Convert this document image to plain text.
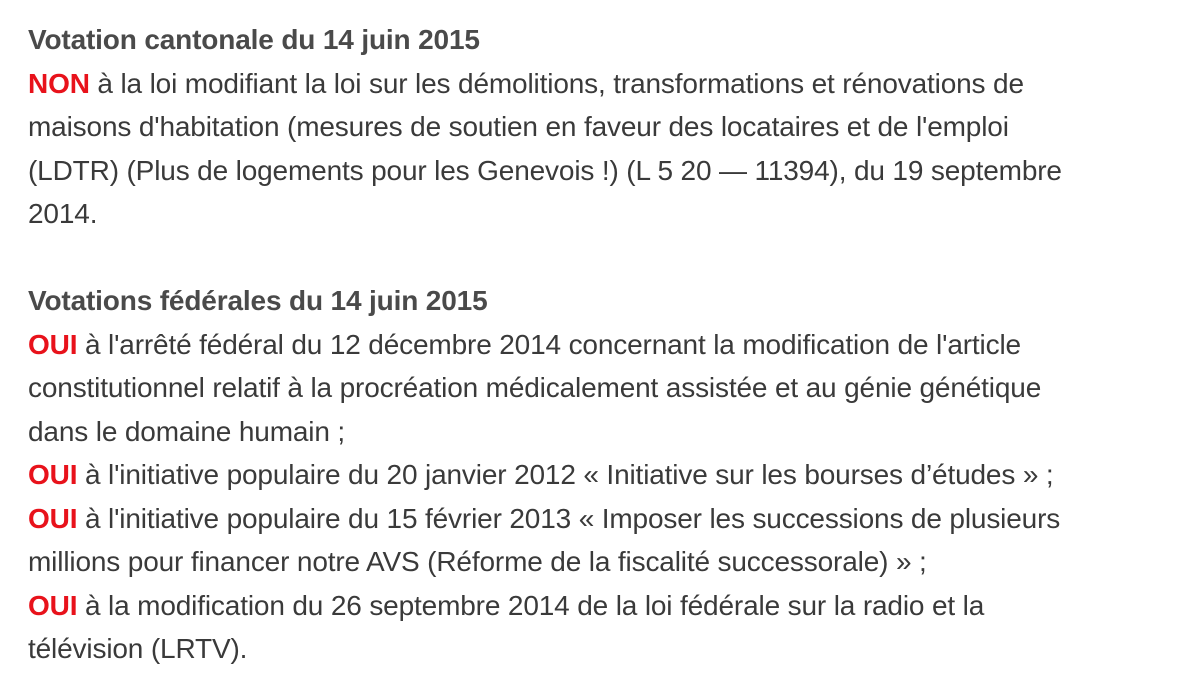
Votation cantonale du 14 juin 2015
NON à la loi modifiant la loi sur les démolitions, transformations et rénovations de
maisons d'habitation (mesures de soutien en faveur des locataires et de l'emploi
(LDTR) (Plus de logements pour les Genevois !) (L 5 20 — 11394), du 19 septembre
2014.
Votations fédérales du 14 juin 2015
OUI à l'arrêté fédéral du 12 décembre 2014 concernant la modification de l'article
constitutionnel relatif à la procréation médicalement assistée et au génie génétique
dans le domaine humain ;
OUI à l'initiative populaire du 20 janvier 2012 « Initiative sur les bourses d’études » ;
OUI à l'initiative populaire du 15 février 2013 « Imposer les successions de plusieurs
millions pour financer notre AVS (Réforme de la fiscalité successorale) » ;
OUI à la modification du 26 septembre 2014 de la loi fédérale sur la radio et la
télévision (LRTV).
